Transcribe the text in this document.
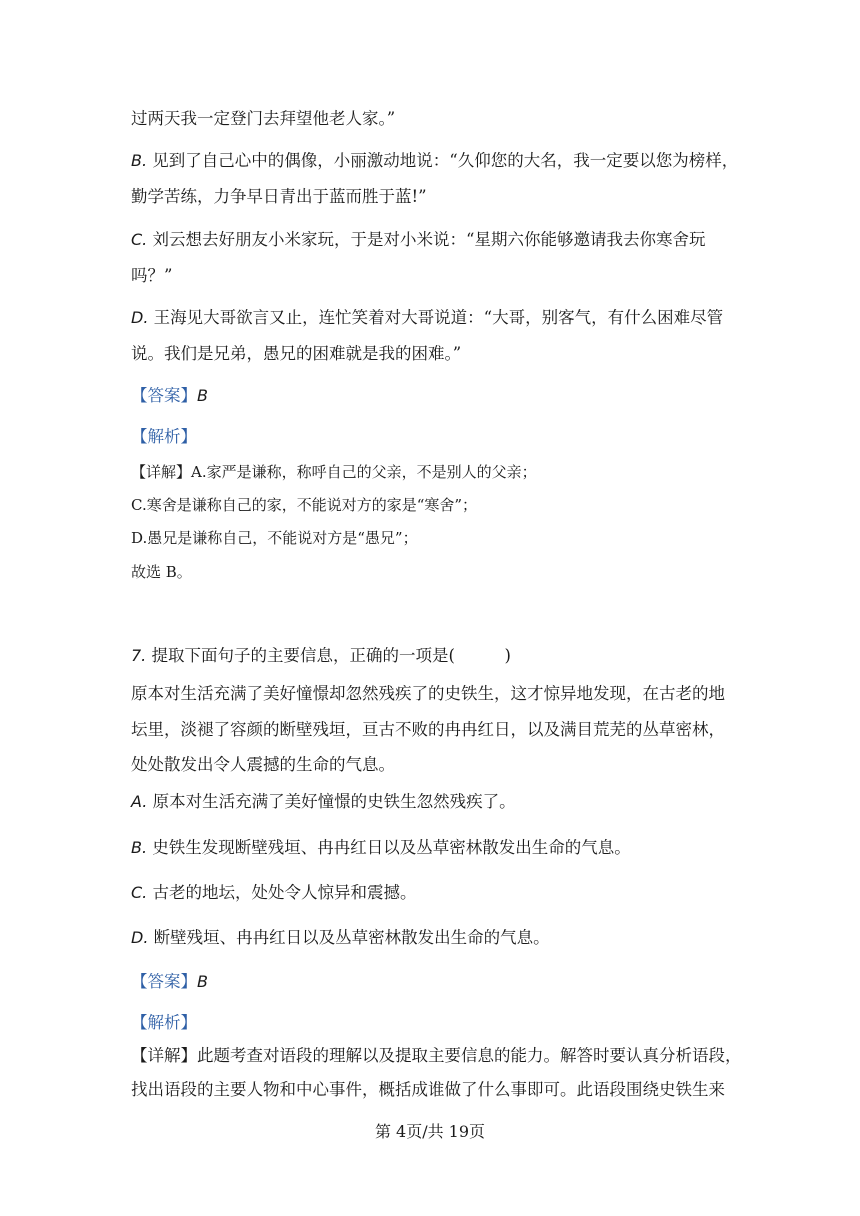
过两天我一定登门去拜望他老人家。”
B. 见到了自己心中的偶像，小丽激动地说：“久仰您的大名，我一定要以您为榜样，
勤学苦练，力争早日青出于蓝而胜于蓝!”
C. 刘云想去好朋友小米家玩，于是对小米说：“星期六你能够邀请我去你寒舍玩
吗？”
D. 王海见大哥欲言又止，连忙笑着对大哥说道：“大哥，别客气，有什么困难尽管
说。我们是兄弟，愚兄的困难就是我的困难。”
【答案】B
【解析】
【详解】A.家严是谦称，称呼自己的父亲，不是别人的父亲；
C.寒舍是谦称自己的家，不能说对方的家是“寒舍”；
D.愚兄是谦称自己，不能说对方是“愚兄”；
故选 B。
7. 提取下面句子的主要信息，正确的一项是(　　　)
原本对生活充满了美好憧憬却忽然残疾了的史铁生，这才惊异地发现，在古老的地
坛里，淡褪了容颜的断壁残垣，亘古不败的冉冉红日，以及满目荒芜的丛草密林，
处处散发出令人震撼的生命的气息。
A. 原本对生活充满了美好憧憬的史铁生忽然残疾了。
B. 史铁生发现断壁残垣、冉冉红日以及丛草密林散发出生命的气息。
C. 古老的地坛，处处令人惊异和震撼。
D. 断壁残垣、冉冉红日以及丛草密林散发出生命的气息。
【答案】B
【解析】
【详解】此题考查对语段的理解以及提取主要信息的能力。解答时要认真分析语段，
找出语段的主要人物和中心事件，概括成谁做了什么事即可。此语段围绕史铁生来
第 4页/共 19页
